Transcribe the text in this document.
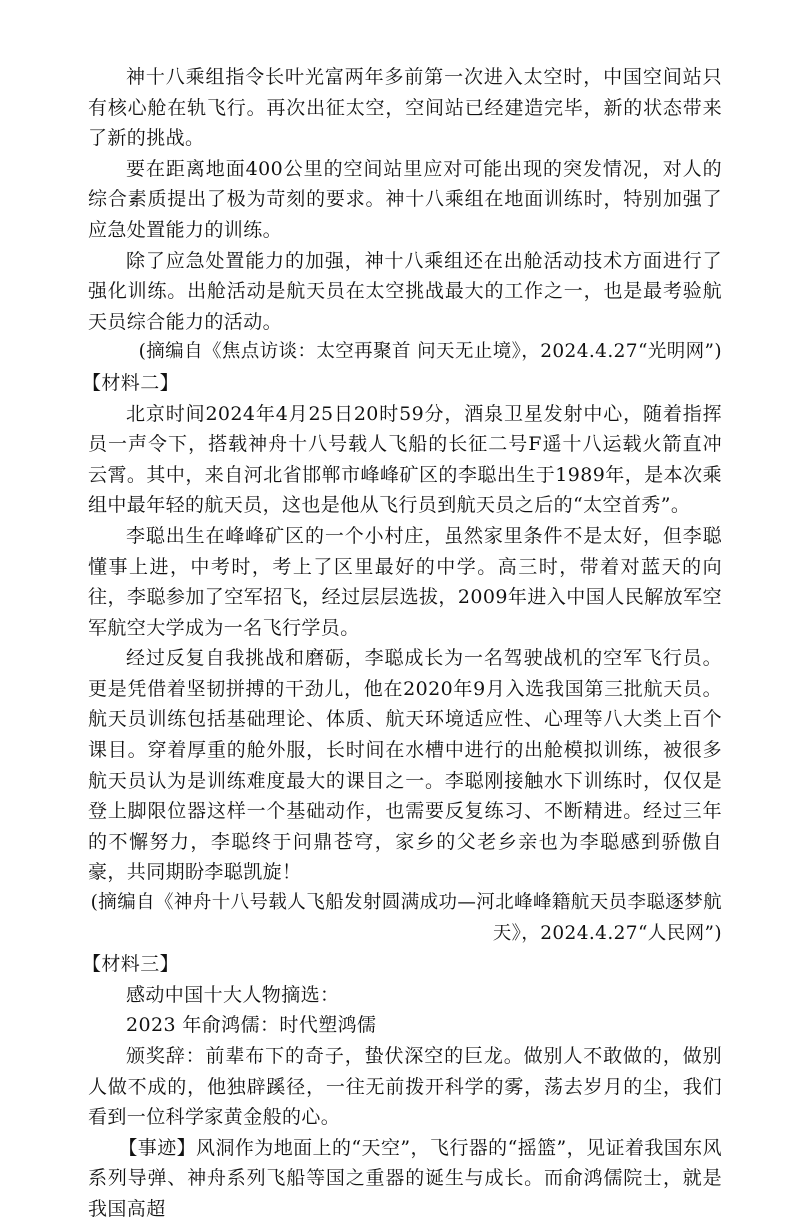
神十八乘组指令长叶光富两年多前第一次进入太空时，中国空间站只有核心舱在轨飞行。再次出征太空，空间站已经建造完毕，新的状态带来了新的挑战。

要在距离地面400公里的空间站里应对可能出现的突发情况，对人的综合素质提出了极为苛刻的要求。神十八乘组在地面训练时，特别加强了应急处置能力的训练。

除了应急处置能力的加强，神十八乘组还在出舱活动技术方面进行了强化训练。出舱活动是航天员在太空挑战最大的工作之一，也是最考验航天员综合能力的活动。

(摘编自《焦点访谈：太空再聚首 问天无止境》，2024.4.27“光明网”)

【材料二】

北京时间2024年4月25日20时59分，酒泉卫星发射中心，随着指挥员一声令下，搭载神舟十八号载人飞船的长征二号F遥十八运载火箭直冲云霄。其中，来自河北省邯郸市峰峰矿区的李聪出生于1989年，是本次乘组中最年轻的航天员，这也是他从飞行员到航天员之后的“太空首秀”。

李聪出生在峰峰矿区的一个小村庄，虽然家里条件不是太好，但李聪懂事上进，中考时，考上了区里最好的中学。高三时，带着对蓝天的向往，李聪参加了空军招飞，经过层层选拔，2009年进入中国人民解放军空军航空大学成为一名飞行学员。

经过反复自我挑战和磨砺，李聪成长为一名驾驶战机的空军飞行员。更是凭借着坚韧拼搏的干劲儿，他在2020年9月入选我国第三批航天员。航天员训练包括基础理论、体质、航天环境适应性、心理等八大类上百个课目。穿着厚重的舱外服，长时间在水槽中进行的出舱模拟训练，被很多航天员认为是训练难度最大的课目之一。李聪刚接触水下训练时，仅仅是登上脚限位器这样一个基础动作，也需要反复练习、不断精进。经过三年的不懈努力，李聪终于问鼎苍穹，家乡的父老乡亲也为李聪感到骄傲自豪，共同期盼李聪凯旋！

(摘编自《神舟十八号载人飞船发射圆满成功—河北峰峰籍航天员李聪逐梦航

天》，2024.4.27“人民网”)

【材料三】

感动中国十大人物摘选：

2023 年俞鸿儒：时代塑鸿儒

颁奖辞：前辈布下的奇子，蛰伏深空的巨龙。做别人不敢做的，做别人做不成的，他独辟蹊径，一往无前拨开科学的雾，荡去岁月的尘，我们看到一位科学家黄金般的心。

【事迹】风洞作为地面上的“天空”，飞行器的“摇篮”，见证着我国东风系列导弹、神舟系列飞船等国之重器的诞生与成长。而俞鸿儒院士，就是我国高超
